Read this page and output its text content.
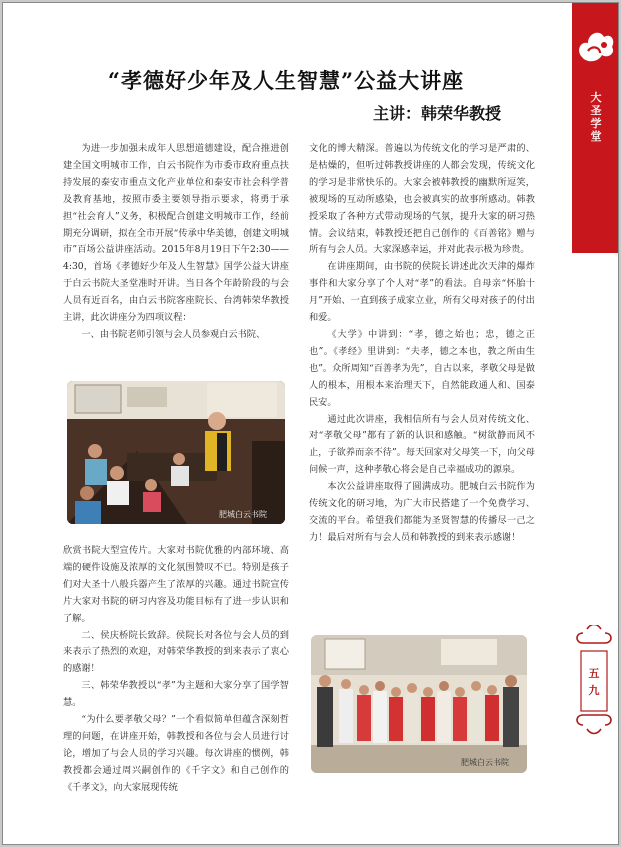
“孝德好少年及人生智慧”公益大讲座
主讲：韩荣华教授

为进一步加强未成年人思想道德建设，配合推进创建全国文明城市工作，白云书院作为市委市政府重点扶持发展的泰安市重点文化产业单位和泰安市社会科学普及教育基地，按照市委主要领导指示要求，将勇于承担“社会育人”义务，积极配合创建文明城市工作，经前期充分调研，拟在全市开展“传承中华美德，创建文明城市”百场公益讲座活动。2015年8月19日下午2:30——4:30，首场《孝德好少年及人生智慧》国学公益大讲座于白云书院大圣堂准时开讲。当日各个年龄阶段的与会人员有近百名，由白云书院客座院长、台湾韩荣华教授主讲，此次讲座分为四项议程：

一、由书院老师引领与会人员参观白云书院、

肥城白云书院

欣赏书院大型宣传片。大家对书院优雅的内部环境、高端的硬件设施及浓厚的文化氛围赞叹不已。特别是孩子们对大圣十八般兵器产生了浓厚的兴趣。通过书院宣传片大家对书院的研习内容及功能目标有了进一步认识和了解。

二、侯庆桥院长致辞。侯院长对各位与会人员的到来表示了热烈的欢迎，对韩荣华教授的到来表示了衷心的感谢！

三、韩荣华教授以“孝”为主题和大家分享了国学智慧。

“为什么要孝敬父母？”一个看似简单但蕴含深刻哲理的问题，在讲座开始，韩教授和各位与会人员进行讨论，增加了与会人员的学习兴趣。每次讲座的惯例，韩教授都会通过周兴嗣创作的《千字文》和自己创作的《千孝文》，向大家展现传统

文化的博大精深。普遍以为传统文化的学习是严肃的、是枯燥的，但听过韩教授讲座的人都会发现，传统文化的学习是非常快乐的。大家会被韩教授的幽默所逗笑，被现场的互动所感染，也会被真实的故事所感动。韩教授采取了各种方式带动现场的气氛，提升大家的研习热情。会议结束，韩教授还把自己创作的《百善铭》赠与所有与会人员。大家深感幸运，并对此表示极为珍贵。

在讲座期间，由书院的侯院长讲述此次天津的爆炸事件和大家分享了个人对“孝”的看法。自母亲“怀胎十月”开始、一直到孩子成家立业，所有父母对孩子的付出和爱。

《大学》中讲到：“孝，德之始也；忠，德之正也”。《孝经》里讲到：“夫孝，德之本也，教之所由生也”。众所周知“百善孝为先”，自古以来，孝敬父母是做人的根本，用根本来治理天下，自然能政通人和、国泰民安。

通过此次讲座，我相信所有与会人员对传统文化、对“孝敬父母”都有了新的认识和感触。“树欲静而风不止，子欲养而亲不待”。每天回家对父母笑一下，向父母问候一声，这种孝敬心将会是自己幸福成功的源泉。

本次公益讲座取得了圆满成功。肥城白云书院作为传统文化的研习地，为广大市民搭建了一个免费学习、交流的平台。希望我们都能为圣贤智慧的传播尽一己之力！最后对所有与会人员和韩教授的到来表示感谢！

肥城白云书院
大
圣
学
堂
五
九
